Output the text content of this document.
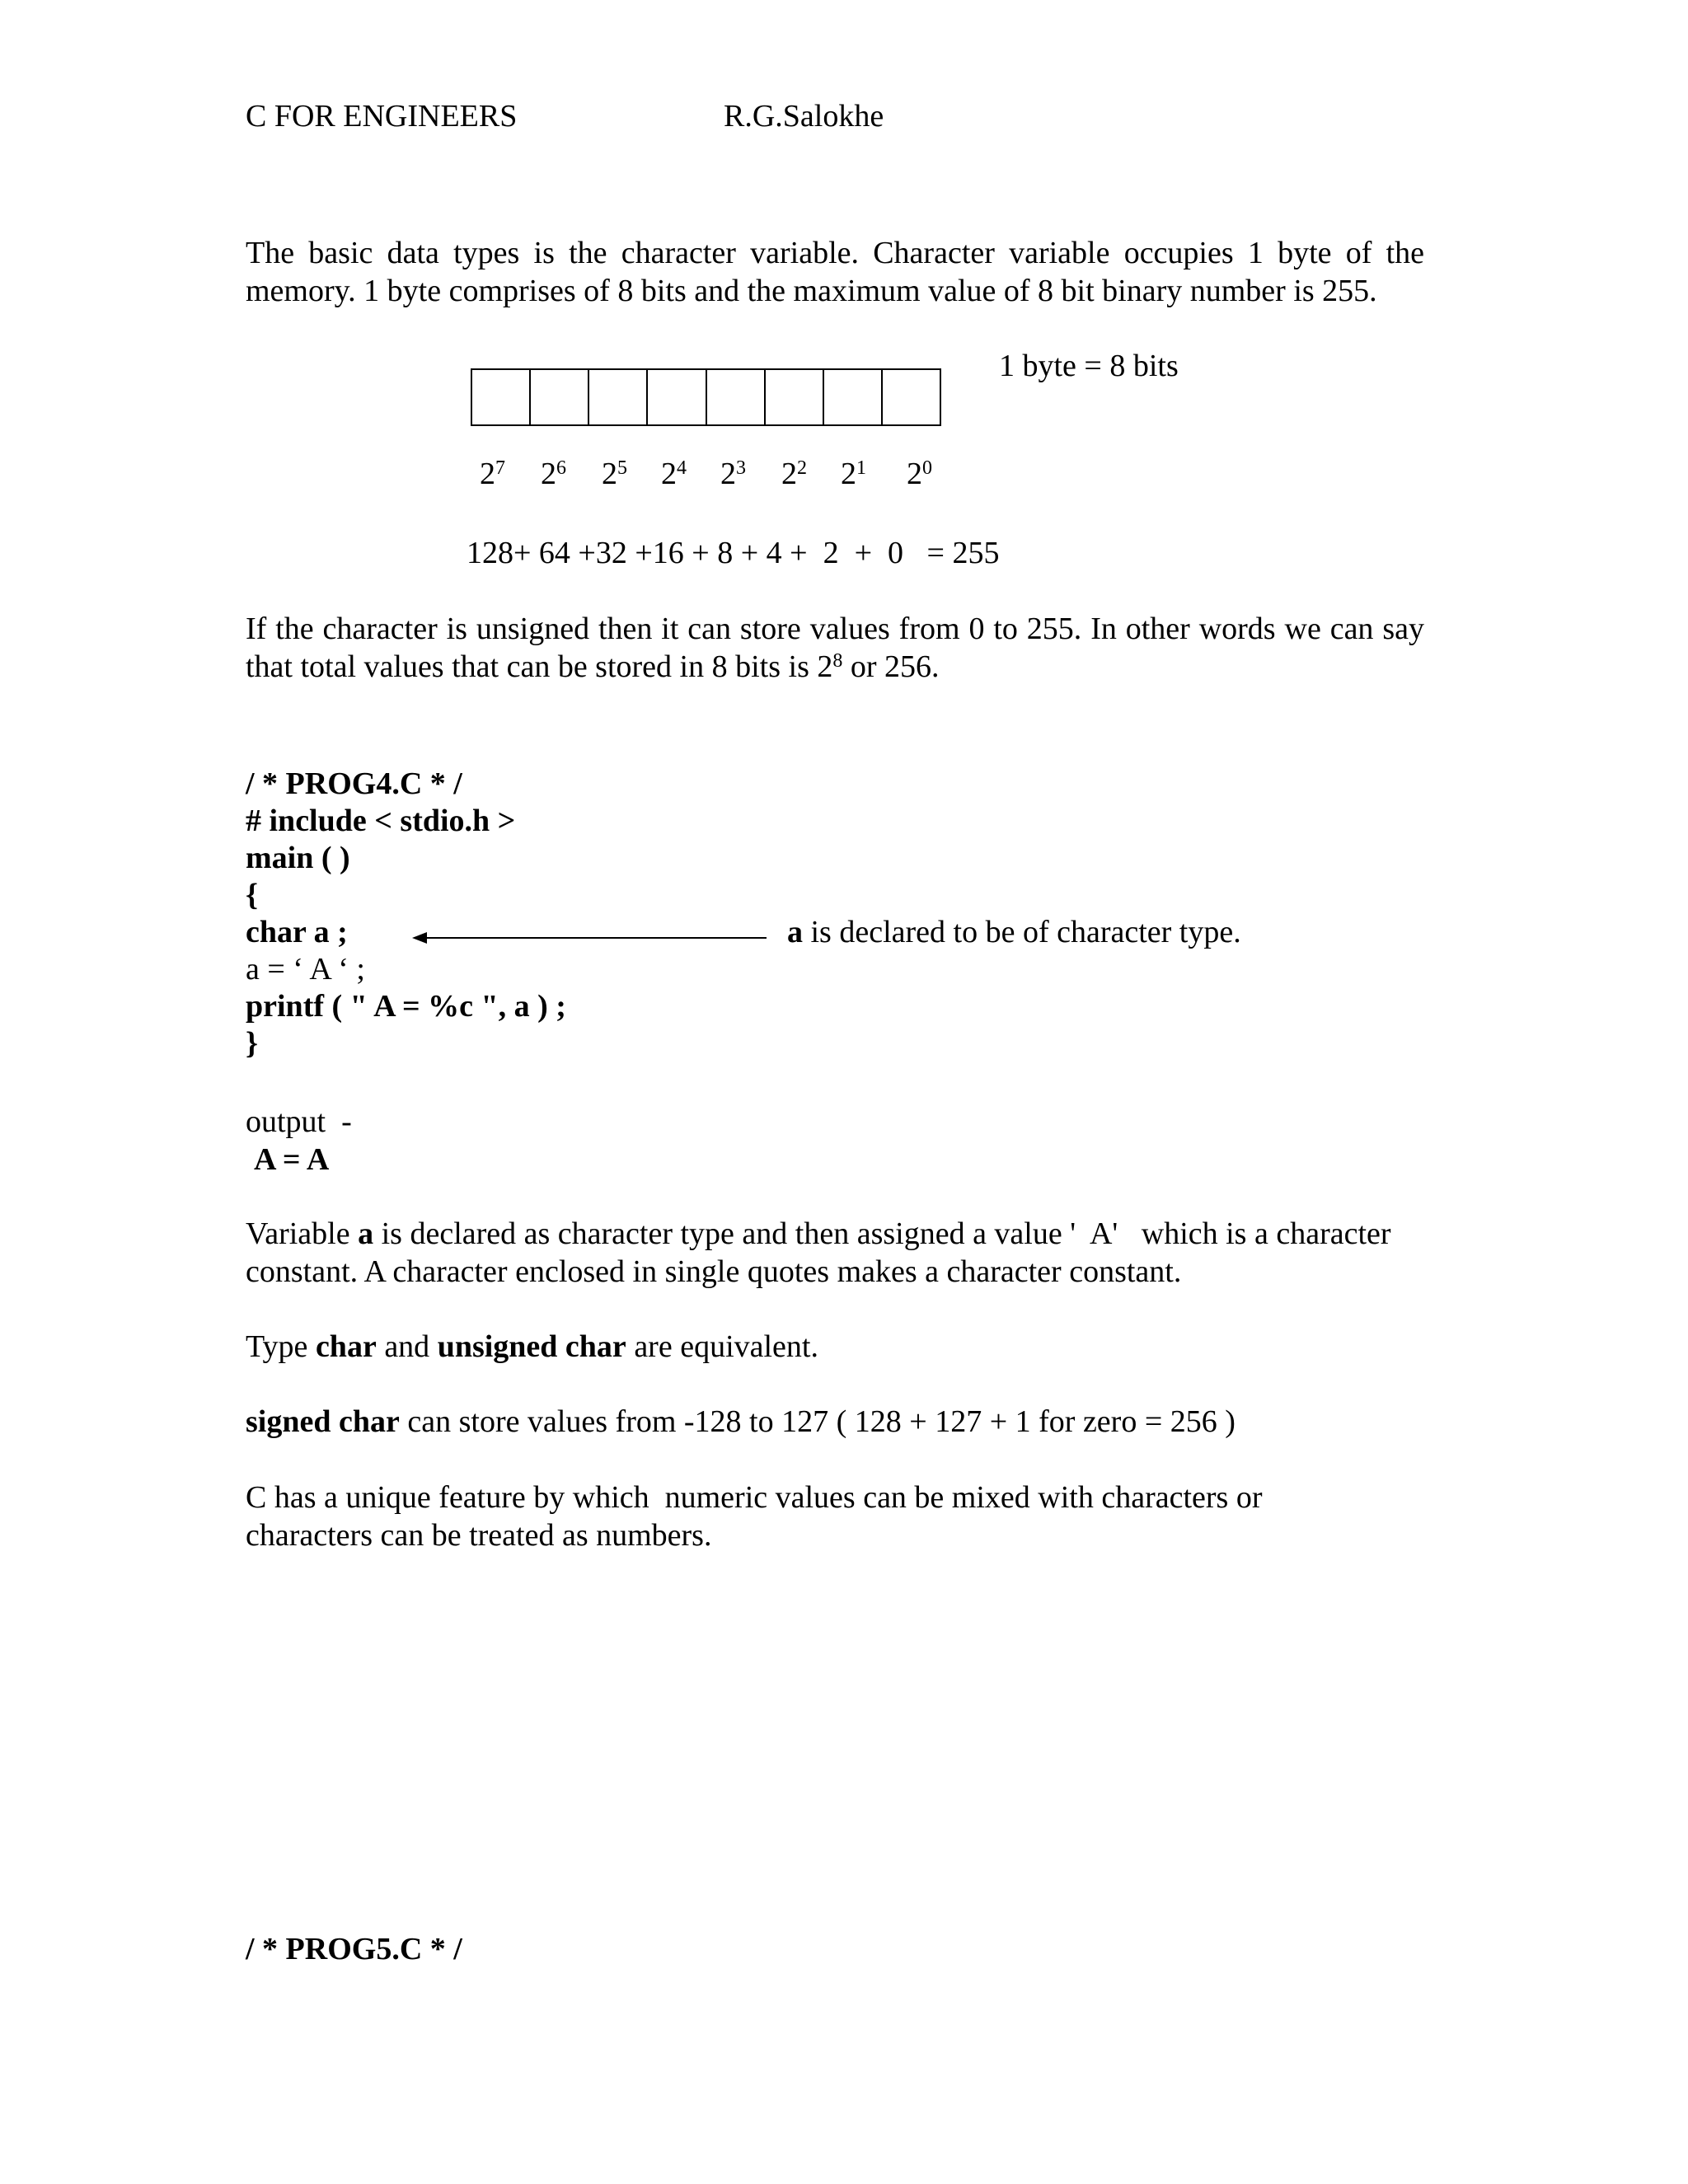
C FOR ENGINEERS	R.G.Salokhe
The basic data types is the character variable. Character variable occupies 1 byte of the memory. 1 byte comprises of 8 bits and the maximum value of 8 bit binary number is 255.
1 byte = 8 bits
$2^7$ $2^6$ $2^5$ $2^4$ $2^3$ $2^2$ $2^1$ $2^0$
128+ 64 +32 +16 + 8 + 4 +  2  +  0   = 255
If the character is unsigned then it can store values from 0 to 255. In other words we can say that total values that can be stored in 8 bits is $2^8$ or 256.
/ * PROG4.C * /
# include < stdio.h >
main ( )
{
char a ;
a = ‘ A ‘ ;
printf ( " A = %c ", a ) ;
}
a is declared to be of character type.
output  -
A = A
Variable a is declared as character type and then assigned a value '  A'   which is a character constant. A character enclosed in single quotes makes a character constant.
Type char and unsigned char are equivalent.
signed char can store values from -128 to 127 ( 128 + 127 + 1 for zero = 256 )
C has a unique feature by which  numeric values can be mixed with characters or
characters can be treated as numbers.
/ * PROG5.C * /
